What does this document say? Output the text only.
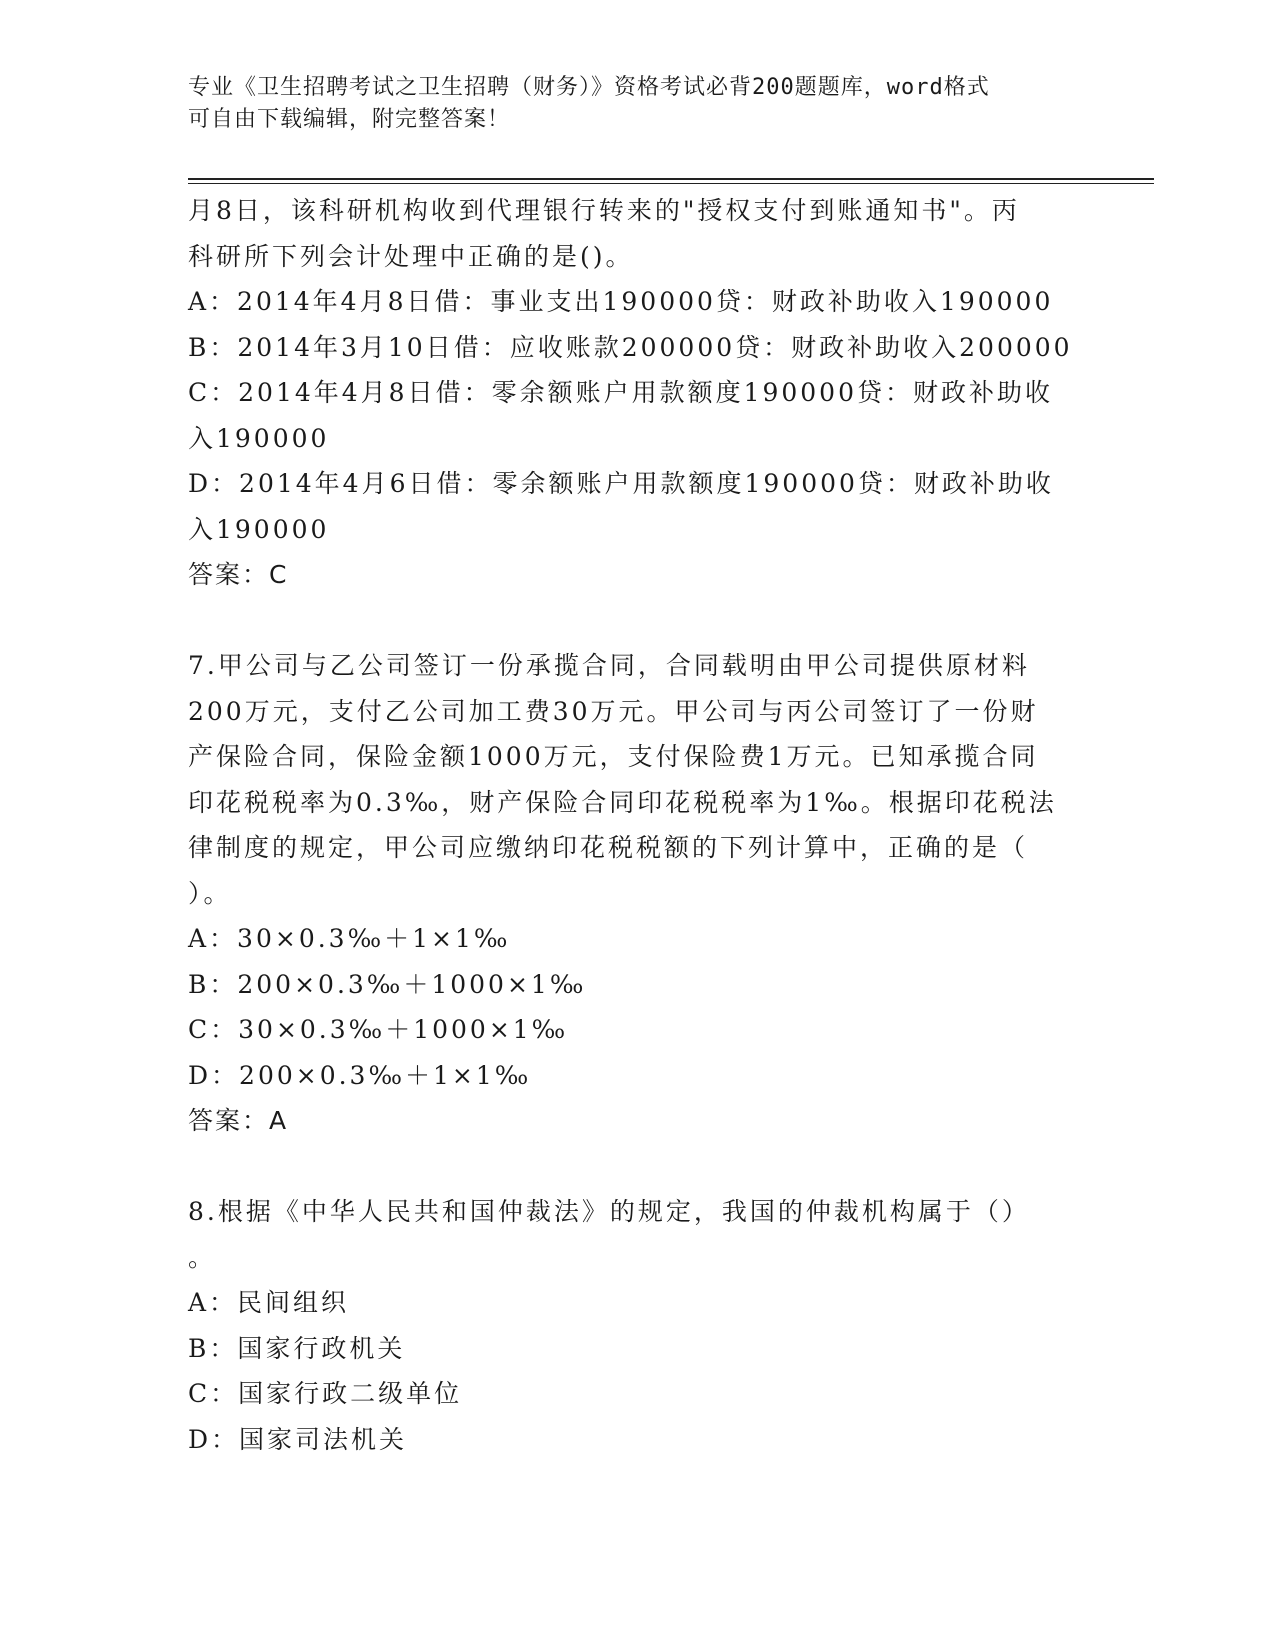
专业《卫生招聘考试之卫生招聘（财务）》资格考试必背200题题库，word格式
可自由下载编辑，附完整答案！
月8日，该科研机构收到代理银行转来的"授权支付到账通知书"。丙
科研所下列会计处理中正确的是()。
A：2014年4月8日借：事业支出190000贷：财政补助收入190000
B：2014年3月10日借：应收账款200000贷：财政补助收入200000
C：2014年4月8日借：零余额账户用款额度190000贷：财政补助收
入190000
D：2014年4月6日借：零余额账户用款额度190000贷：财政补助收
入190000
答案：C
7.甲公司与乙公司签订一份承揽合同，合同载明由甲公司提供原材料
200万元，支付乙公司加工费30万元。甲公司与丙公司签订了一份财
产保险合同，保险金额1000万元，支付保险费1万元。已知承揽合同
印花税税率为0.3‰，财产保险合同印花税税率为1‰。根据印花税法
律制度的规定，甲公司应缴纳印花税税额的下列计算中，正确的是（
）。
A：30×0.3‰＋1×1‰
B：200×0.3‰＋1000×1‰
C：30×0.3‰＋1000×1‰
D：200×0.3‰＋1×1‰
答案：A
8.根据《中华人民共和国仲裁法》的规定，我国的仲裁机构属于（）
。
A：民间组织
B：国家行政机关
C：国家行政二级单位
D：国家司法机关
